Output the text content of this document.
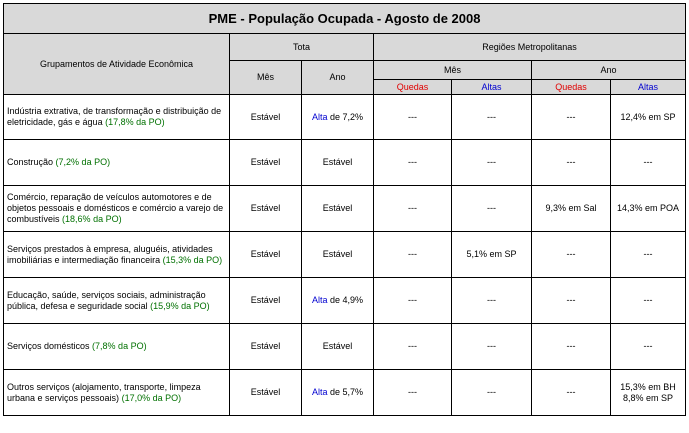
PME - População Ocupada - Agosto de 2008						
Grupamentos de Atividade Econômica	Tota		Regiões Metropolitanas			
	Mês	Ano	Mês		Ano	
			Quedas	Altas	Quedas	Altas
Indústria extrativa, de transformação e distribuição de eletricidade, gás e água (17,8% da PO)	Estável	Alta de 7,2%	---	---	---	12,4% em SP
Construção (7,2% da PO)	Estável	Estável	---	---	---	---
Comércio, reparação de veículos automotores e de objetos pessoais e domésticos e comércio a varejo de combustíveis (18,6% da PO)	Estável	Estável	---	---	9,3% em Sal	14,3% em POA
Serviços prestados à empresa, aluguéis, atividades imobiliárias e intermediação financeira (15,3% da PO)	Estável	Estável	---	5,1% em SP	---	---
Educação, saúde, serviços sociais, administração pública, defesa e seguridade social (15,9% da PO)	Estável	Alta de 4,9%	---	---	---	---
Serviços domésticos (7,8% da PO)	Estável	Estável	---	---	---	---
Outros serviços (alojamento, transporte, limpeza urbana e serviços pessoais) (17,0% da PO)	Estável	Alta de 5,7%	---	---	---	15,3% em BH
8,8% em SP
